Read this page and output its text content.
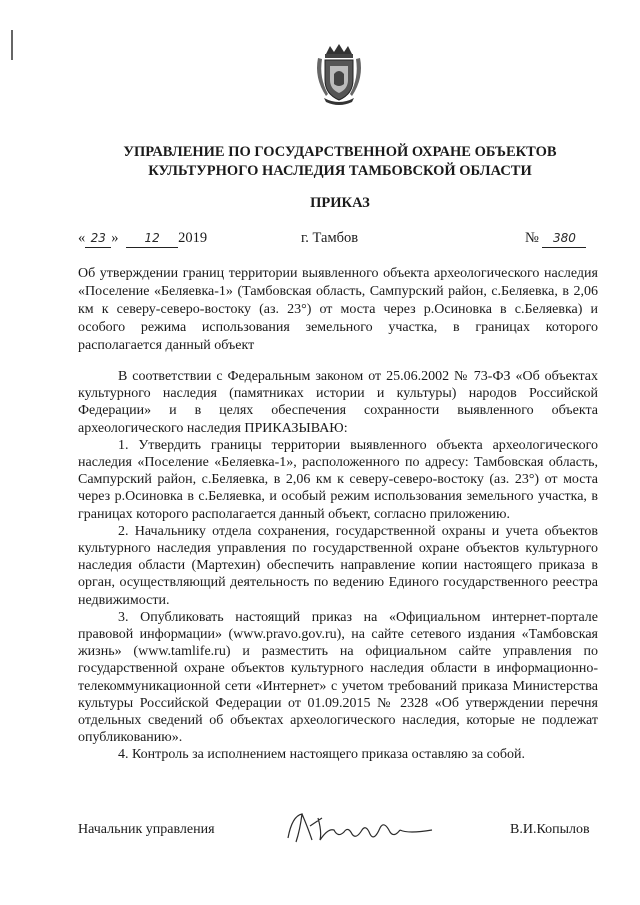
УПРАВЛЕНИЕ ПО ГОСУДАРСТВЕННОЙ ОХРАНЕ ОБЪЕКТОВ
КУЛЬТУРНОГО НАСЛЕДИЯ ТАМБОВСКОЙ ОБЛАСТИ
ПРИКАЗ
« 23 » 12 2019	г. Тамбов	№ 380
Об утверждении границ территории выявленного объекта археологического наследия «Поселение «Беляевка-1» (Тамбовская область, Сампурский район, с.Беляевка, в 2,06 км к северу-северо-востоку (аз. 23°) от моста через р.Осиновка в с.Беляевка) и особого режима использования земельного участка, в границах которого располагается данный объект

В соответствии с Федеральным законом от 25.06.2002 № 73-ФЗ «Об объектах культурного наследия (памятниках истории и культуры) народов Российской Федерации» и в целях обеспечения сохранности выявленного объекта археологического наследия ПРИКАЗЫВАЮ:

1. Утвердить границы территории выявленного объекта археологического наследия «Поселение «Беляевка-1», расположенного по адресу: Тамбовская область, Сампурский район, с.Беляевка, в 2,06 км к северу-северо-востоку (аз. 23°) от моста через р.Осиновка в с.Беляевка, и особый режим использования земельного участка, в границах которого располагается данный объект, согласно приложению.

2. Начальнику отдела сохранения, государственной охраны и учета объектов культурного наследия управления по государственной охране объектов культурного наследия области (Мартехин) обеспечить направление копии настоящего приказа в орган, осуществляющий деятельность по ведению Единого государственного реестра недвижимости.

3. Опубликовать настоящий приказ на «Официальном интернет-портале правовой информации» (www.pravo.gov.ru), на сайте сетевого издания «Тамбовская жизнь» (www.tamlife.ru) и разместить на официальном сайте управления по государственной охране объектов культурного наследия области в информационно-телекоммуникационной сети «Интернет» с учетом требований приказа Министерства культуры Российской Федерации от 01.09.2015 № 2328 «Об утверждении перечня отдельных сведений об объектах археологического наследия, которые не подлежат опубликованию».

4. Контроль за исполнением настоящего приказа оставляю за собой.

Начальник управления	В.И.Копылов
